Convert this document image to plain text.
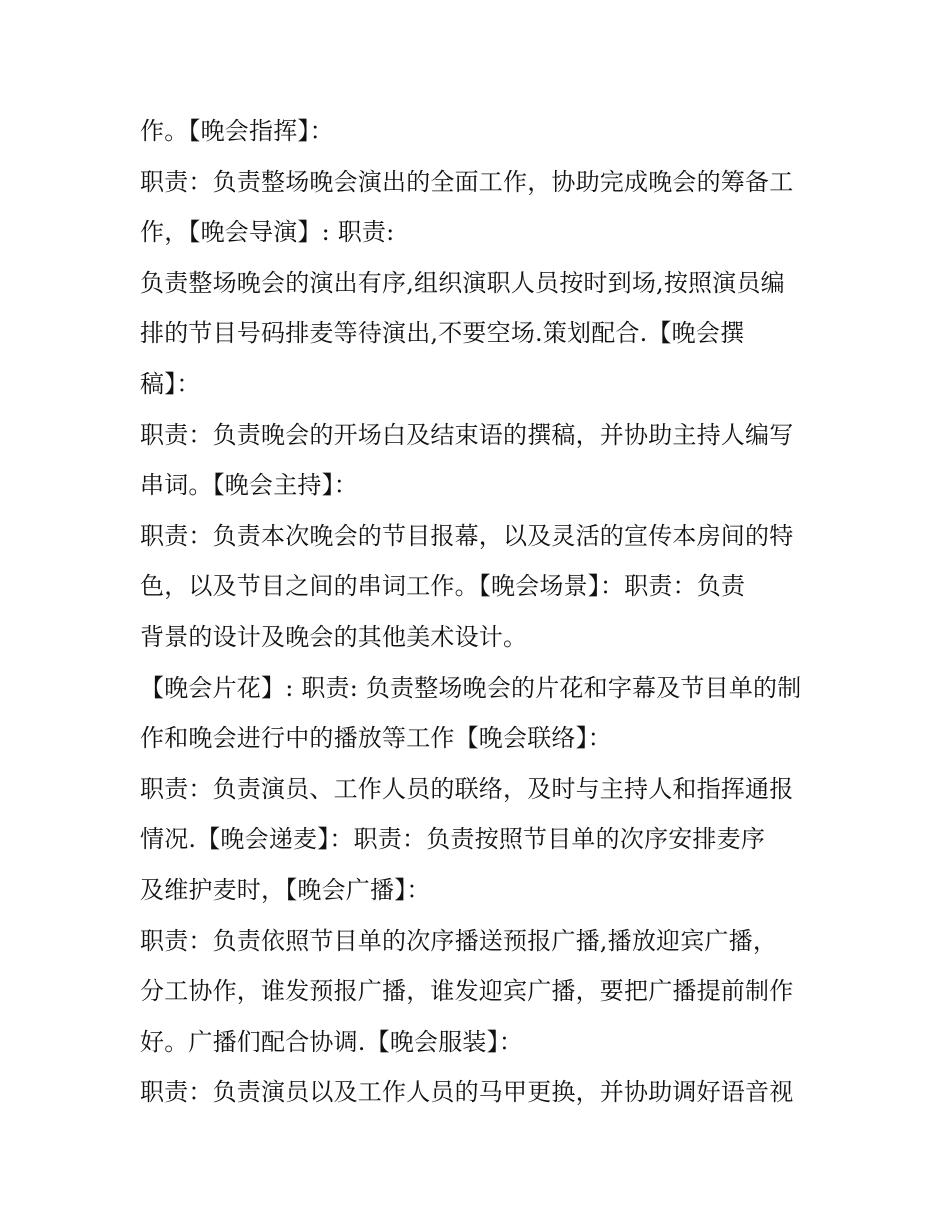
作。【晚会指挥】：
职责：负责整场晚会演出的全面工作，协助完成晚会的筹备工
作，【晚会导演】: 职责:
负责整场晚会的演出有序,组织演职人员按时到场,按照演员编
排的节目号码排麦等待演出,不要空场.策划配合.【晚会撰
稿】：
职责：负责晚会的开场白及结束语的撰稿，并协助主持人编写
串词。【晚会主持】：
职责：负责本次晚会的节目报幕，以及灵活的宣传本房间的特
色，以及节目之间的串词工作。【晚会场景】：职责：负责
背景的设计及晚会的其他美术设计。
【晚会片花】: 职责: 负责整场晚会的片花和字幕及节目单的制
作和晚会进行中的播放等工作【晚会联络】：
职责：负责演员、工作人员的联络，及时与主持人和指挥通报
情况.【晚会递麦】：职责：负责按照节目单的次序安排麦序
及维护麦时，【晚会广播】：
职责：负责依照节目单的次序播送预报广播,播放迎宾广播，
分工协作，谁发预报广播，谁发迎宾广播，要把广播提前制作
好。广播们配合协调.【晚会服装】：
职责：负责演员以及工作人员的马甲更换，并协助调好语音视
